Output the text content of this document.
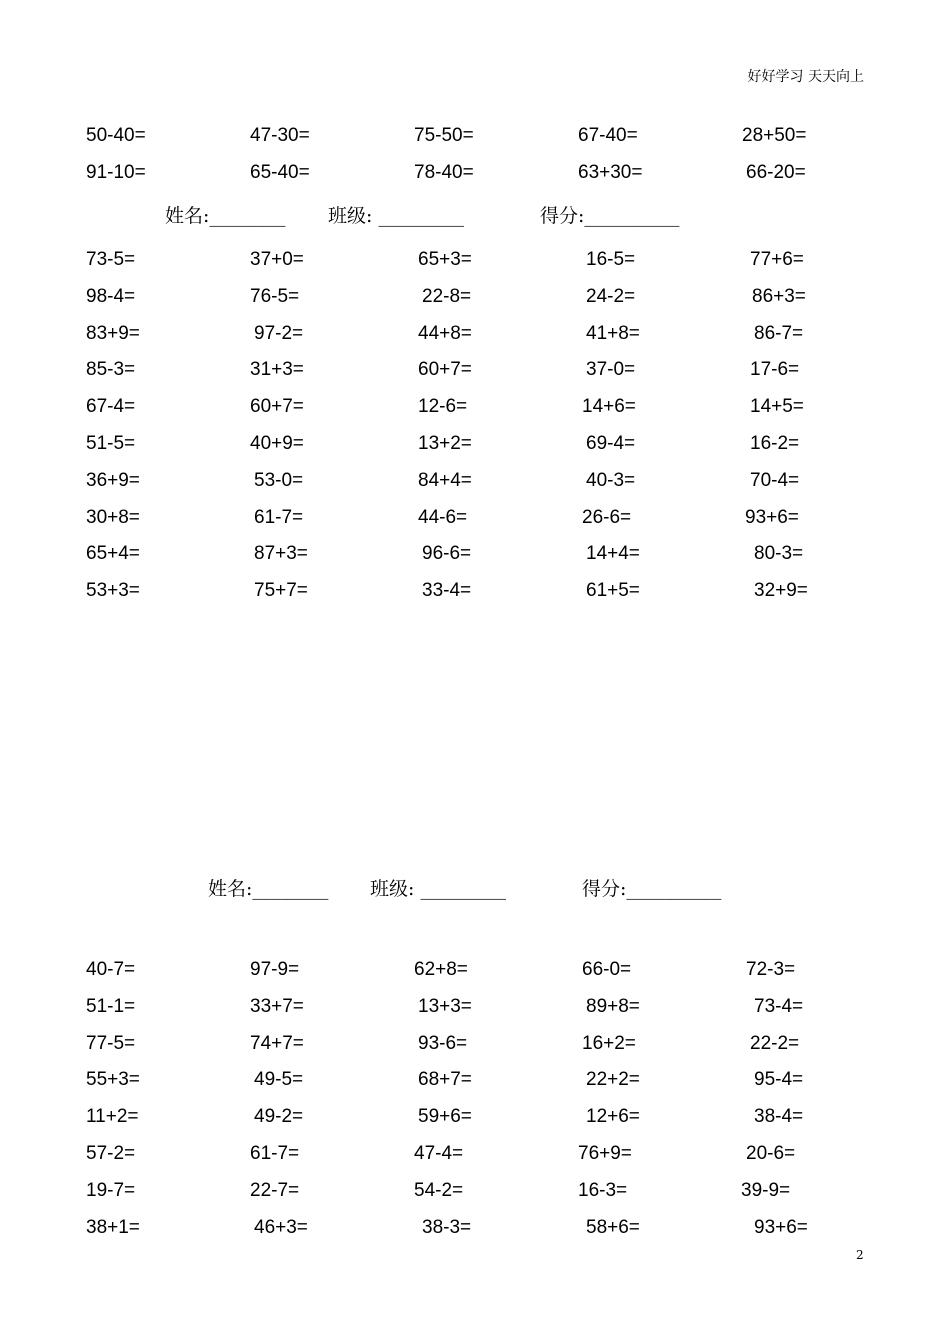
好好学习 天天向上
50-40=	47-30=	75-50=	67-40=	28+50=
91-10=	65-40=	78-40=	63+30=	66-20=
姓名:________ 班级: _________	得分:__________
73-5=	37+0=	65+3=	16-5=	77+6=
98-4=	76-5=	22-8=	24-2=	86+3=
83+9=	97-2=	44+8=	41+8=	86-7=
85-3=	31+3=	60+7=	37-0=	17-6=
67-4=	60+7=	12-6=	14+6=	14+5=
51-5=	40+9=	13+2=	69-4=	16-2=
36+9=	53-0=	84+4=	40-3=	70-4=
30+8=	61-7=	44-6=	26-6=	93+6=
65+4=	87+3=	96-6=	14+4=	80-3=
53+3=	75+7=	33-4=	61+5=	32+9=
姓名:________ 班级: _________	得分:__________
40-7=	97-9=	62+8=	66-0=	72-3=
51-1=	33+7=	13+3=	89+8=	73-4=
77-5=	74+7=	93-6=	16+2=	22-2=
55+3=	49-5=	68+7=	22+2=	95-4=
11+2=	49-2=	59+6=	12+6=	38-4=
57-2=	61-7=	47-4=	76+9=	20-6=
19-7=	22-7=	54-2=	16-3=	39-9=
38+1=	46+3=	38-3=	58+6=	93+6=
2
